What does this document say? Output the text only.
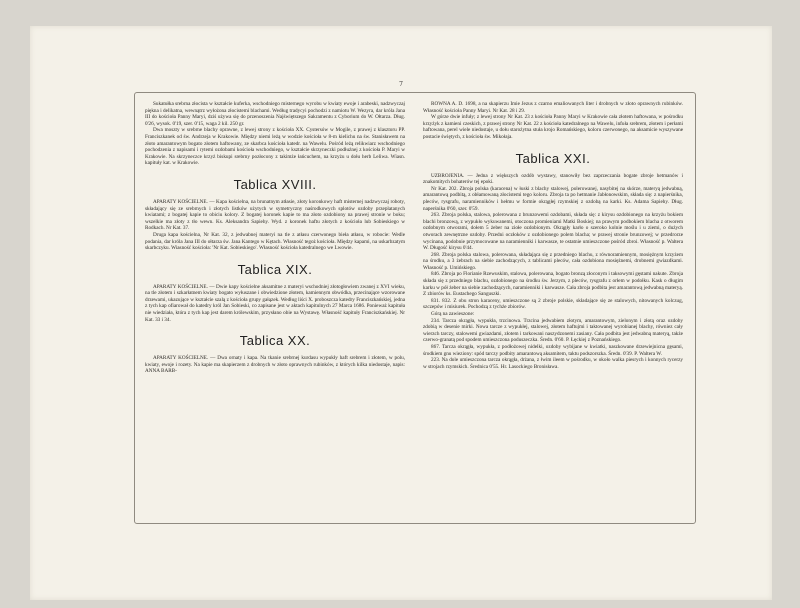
7

Sukatułka srebrna złocista w kształcie kuferka, wschodniego misternego wyrobu w kwiaty ewoje i arabeski, nadzwyczaj piękna i delikatna, wewnątrz wyłożona złocistemi blachami. Według tradycyi pochodzi z namiotu W. Wezyra, dar króla Jana III do kościoła Panny Maryi, dziś używa się do przenoszenia Najświętszego Sakramentu z Cyborium do W. Ołtarza. Dług. 0'26, wysok. 0'19, szer. 0'15, waga 2 kil. 250 gr.

Dwa moszty w srebrne blachy oprawne, z lewej strony z kościoła XX. Cystersów w Mogile, z prawej z klasztoru PP. Franciszkanek od św. Andrzeja w Krakowie. Między niemi leżą w wodzie kościoła w 8-m kielichu na św. Stanisławem na złoto amarantowym bogato złotem haftowany, ze skarbca kościoła katedr. na Wawelu. Pośród leżą relikwiarz wschodniego pochodzenia z napisami i rytemi ozdobami kościoła wschodniego, w kształcie skrzyneczki podłużnej z kościoła P. Maryi w Krakowie. Na skrzyneczce krzyż biskupi srebrny pozłocony z takimże łańcuchem, na krzyżu u dołu herb Leliwa. Wiasn. kapituły kat. w Krakowie.

Tablica XVIII.

APARATY KOŚCIELNE. — Kapa kościelna, na brunatnym atłasie, złoty koronkowy haft misternej nadzwyczaj roboty, składający się ze srebrnych i złotych listków użytych w symetryczny naśrodkowych splotów ozdoby przeplatanych kwiatami; z bogatej kapie to obiciu kolory. Z bogatej koronek kapie to ma złoto ozdobiony na prawej stronie w boku; wszelkie ma złoty z tło wewn. Ks. Aleksandra Sapiehy. Wyd. z koronek haftu złotych z kościoła lub Sobieskiego w Rodkach. Nr Kat. 37.

Druga kapa kościelna, Nr Kat. 32, z jedwabnej materyi na tle z atłasu czerwonego bieła atłasu, w robocie: Wedle podania, dar króla Jana III do ołtarza św. Jana Kantego w Kętach. Własność tegoż kościoła. Między kapami, na uskarbzatym skarbczyku. Wiasność kościoła: 'Nr Kat. Sobieskiego'. Własność kościoła katedralnego we Lwowie.

Tablica XIX.

APARATY KOŚCIELNE. — Dwie kapy kościelne aksamitne z materyi wschodniej złotogłowiem zwanej z XVI wieku, na tle złotem i szkarłatnem kwiaty bogato wyłuszane i obwiedzione złotem, kamiennym obwódka, przecinające wzorowane drzewami, ukazujące w kształcie szalą z kościoła grupy gałązek. Według liści X. proboszcza katedry Franciszkańskiej, jedna z tych kap ofiarował do katedry król Jan Sobieski, co zapisane jest w aktach kapitulnych 27 Marca 1686. Ponieważ kapituła nie wiedziała, która z tych kap jest darem królewskim, przysłano obie na Wystawę. Własność kapituły Franciszkańskiej. Nr Kat. 33 i 34.

Tablica XX.

APARATY KOŚCIELNE. — Dwa ornaty i kapa. Na tkanie srebrnej kurdasu wypukły haft srebrem i złotem, w polu, kwiaty, ewoje i rozety. Na kapie ma skapierzem z drobnych w złoto oprawnych rubinków, z których kilka niedostaje, napis: ANNA BARB-

ROWNA A. D. 1698, a na skapierzu Imie Jezus z czarno emaliowanych liter i drobnych w złoto oprawnych rubinków. Własność kościoła Panny Maryi. Nr Kat. 28 i 29.

W górze dwie infuły; z lewej strony Nr Kat. 23 z kościoła Panny Maryi w Krakowie cała złotem haftowana, w pośrodku krzyżyk z kamieni czeskich, z prawej strony Nr Kat. 22 z kościoła katedralnego na Wawelu, infuła srebrem, złotem i perłami haftowana, perel wiele niedostaje, u dołu starożytna stuła krojo Romańskiego, koloru czerwonego, na aksamicie wyszywane postacie świętych, z kościoła św. Mikołaja.

Tablica XXI.

UZBROJENIA. — Jedna z większych ozdób wystawy, stanowiły bez zaprzeczania bogate zbroje hetmanów i znakomitych bohaterów tej epoki.

Nr Kat. 202. Zbroja polska (karacena) w łuski z blachy stalowej, polerowanej, nasybitej na skórze, materyą jedwabną, amarantową podbitą, z obłamowaną złocistemi tego koloru. Zbroja ta po hetmanie Jabłonowskim, składa się: z napierśnika, pleców, rysgrafu, naramienników i hełmu w formie okrągłej rzymskiej z ozdobą na karki. Ks. Adama Sapiehy. Dług. naperśnika 0'60, szer. 0'59.

263. Zbroja polska, stalowa, polerowana z brunzowemi ozdobami, składa się: z kirysu ozdobionego na krzyżu bokiem blachi bronzową, z wypukło wykuwanemi, otoczona promieniami Matki Boskiej; na prawym podbokiem blacha z otworem ozdobnym otworami, dołem 5 żeber na ziołe ozdobionym. Okrągły karło o szeroko kolnie moślu i u ziemi, o dużych otworach zewnętrzne ozdoby. Przedni oczłoków z ozdobionego polem blacha; w prawej stronie brunzowej; w przedrorze wycinana, podobnie przymocowane na naramienniki i karwasze, te ostatnie umieszczone pośród zbroi. Własność p. Waltera W. Długość kirysu 0'44.

268. Zbroja polska stalowa, polerowana, składająca się z przedniego blachu, z równoramiennym, mosiężnym krzyżem na środku, a 3 żebrach na siebie zachodzących, z tablicami pleców, cała ozdobiona mosiężnemi, drobnemi gwiazdkami. Własność p. Umińskiego.

846. Zbroja po Florianie Rzewuskim, stalowa, polerowana, bogato bronzą złoconym i taksowymi gęstami nakute. Zbroja składa się z przedniego blachu, ozdobionego na środku św. Jerzym, z pleców, rysgrafu z orłem w podołku. Kask o długim karku w pół żeber na siebie zachodzących, naramienniki i karwasze. Cała zbroja podbita jest amarantową jedwabną materyą. Z zbiorów ks. Eustachego Sanguszki.

831. 832. Z obu stron karaceny, umieszczone są 2 zbroje polskie, składające się ze stalowych, nitowanych kolczug, szczepów i misiurek. Pochodzą z tychże zbiorów.

Górą na zawieszone:

234. Tarcza okrągła, wypukła, trzcinowa. Trzcina jedwabiem złotym, amarantowym, zielonym i złotą oraz ozdoby zdobią w desenie mirki. Nowa tarcze z wypukłej, stalowej, złotem haftujmi i taktowanej wyrobianej blachy, równiez cały wierzch tarczy, stalowemi gwiazdami, złotem i tarkowani naszydzonemi zasiany. Cała podbita jest jedwabną materyą, także czerwo-granatą pod spodem umieszczona poduszeczka. Średn. 0'60. P. Łęckiej z Poznańskiego.

867. Tarcza okrągła, wypukła, z podłożowej nidelki, ozdoby wybijane w kwiatki, naszkowane drzewiejnicna gęsami, środkiem gnu wieziony: spód tarczy podbity amarantową aksamitem, taktu podszorszka. Średn. 0'39. P. Waltera W.

223. Na dole umieszczona tarcza okrągła, drżana, z łwim ileem w pośrodku, w około walka piesrych i konnych rycerzy w strojach rzymskich. Średnica 0'55. Hr. Lasockiego Bronisława.
